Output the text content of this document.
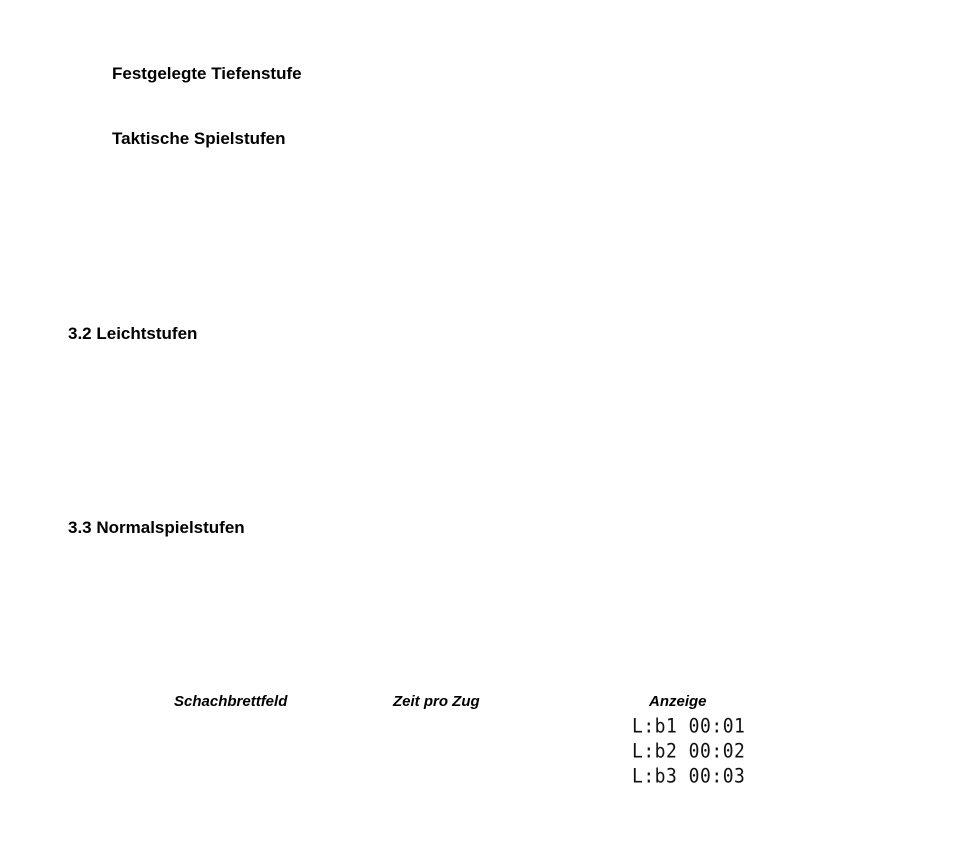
Festgelegte Tiefenstufe
Taktische Spielstufen
3.2 Leichtstufen
3.3 Normalspielstufen
Schachbrettfeld	Zeit pro Zug	Anzeige
L:b1 00:01
L:b2 00:02
L:b3 00:03
